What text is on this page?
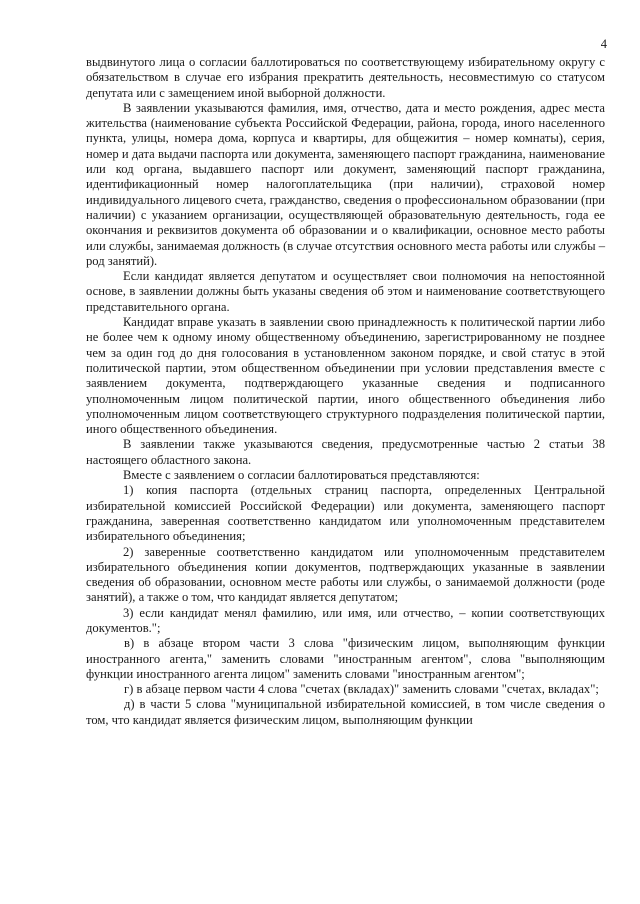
4

выдвинутого лица о согласии баллотироваться по соответствующему избирательному округу с обязательством в случае его избрания прекратить деятельность, несовместимую со статусом депутата или с замещением иной выборной должности.

В заявлении указываются фамилия, имя, отчество, дата и место рождения, адрес места жительства (наименование субъекта Российской Федерации, района, города, иного населенного пункта, улицы, номера дома, корпуса и квартиры, для общежития – номер комнаты), серия, номер и дата выдачи паспорта или документа, заменяющего паспорт гражданина, наименование или код органа, выдавшего паспорт или документ, заменяющий паспорт гражданина, идентификационный номер налогоплательщика (при наличии), страховой номер индивидуального лицевого счета, гражданство, сведения о профессиональном образовании (при наличии) с указанием организации, осуществляющей образовательную деятельность, года ее окончания и реквизитов документа об образовании и о квалификации, основное место работы или службы, занимаемая должность (в случае отсутствия основного места работы или службы – род занятий).

Если кандидат является депутатом и осуществляет свои полномочия на непостоянной основе, в заявлении должны быть указаны сведения об этом и наименование соответствующего представительного органа.

Кандидат вправе указать в заявлении свою принадлежность к политической партии либо не более чем к одному иному общественному объединению, зарегистрированному не позднее чем за один год до дня голосования в установленном законом порядке, и свой статус в этой политической партии, этом общественном объединении при условии представления вместе с заявлением документа, подтверждающего указанные сведения и подписанного уполномоченным лицом политической партии, иного общественного объединения либо уполномоченным лицом соответствующего структурного подразделения политической партии, иного общественного объединения.

В заявлении также указываются сведения, предусмотренные частью 2 статьи 38 настоящего областного закона.

Вместе с заявлением о согласии баллотироваться представляются:

1) копия паспорта (отдельных страниц паспорта, определенных Центральной избирательной комиссией Российской Федерации) или документа, заменяющего паспорт гражданина, заверенная соответственно кандидатом или уполномоченным представителем избирательного объединения;

2) заверенные соответственно кандидатом или уполномоченным представителем избирательного объединения копии документов, подтверждающих указанные в заявлении сведения об образовании, основном месте работы или службы, о занимаемой должности (роде занятий), а также о том, что кандидат является депутатом;

3) если кандидат менял фамилию, или имя, или отчество, – копии соответствующих документов.";

в) в абзаце втором части 3 слова "физическим лицом, выполняющим функции иностранного агента," заменить словами "иностранным агентом", слова "выполняющим функции иностранного агента лицом" заменить словами "иностранным агентом";

г) в абзаце первом части 4 слова "счетах (вкладах)" заменить словами "счетах, вкладах";

д) в части 5 слова "муниципальной избирательной комиссией, в том числе сведения о том, что кандидат является физическим лицом, выполняющим функции
